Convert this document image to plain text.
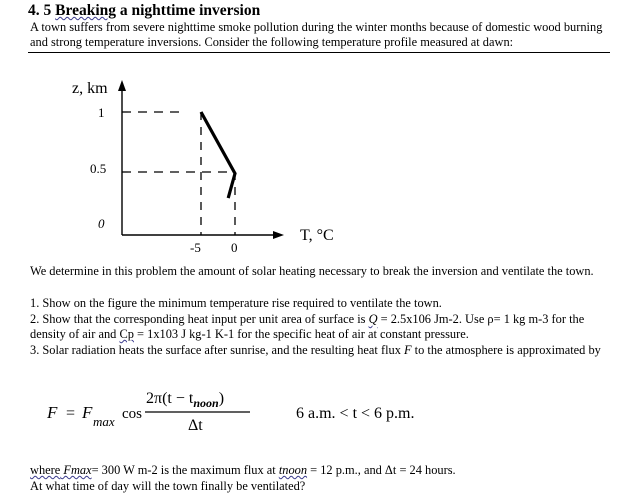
4. 5 Breaking a nighttime inversion
A town suffers from severe nighttime smoke pollution during the winter months because of domestic wood burning and strong temperature inversions. Consider the following temperature profile measured at dawn:
z, km
T, °C
1
0.5
0
-5 0
We determine in this problem the amount of solar heating necessary to break the inversion and ventilate the town.
1. Show on the figure the minimum temperature rise required to ventilate the town.
2. Show that the corresponding heat input per unit area of surface is Q = 2.5x106 Jm-2. Use ρ= 1 kg m-3 for the density of air and Cp = 1x103 J kg-1 K-1 for the specific heat of air at constant pressure.
3. Solar radiation heats the surface after sunrise, and the resulting heat flux F to the atmosphere is approximated by
F = F max cos
$2\pi(t - t_{noon})$
Δt
6 a.m. < t < 6 p.m.
where Fmax= 300 W m-2 is the maximum flux at tnoon = 12 p.m., and Δt = 24 hours.
At what time of day will the town finally be ventilated?
